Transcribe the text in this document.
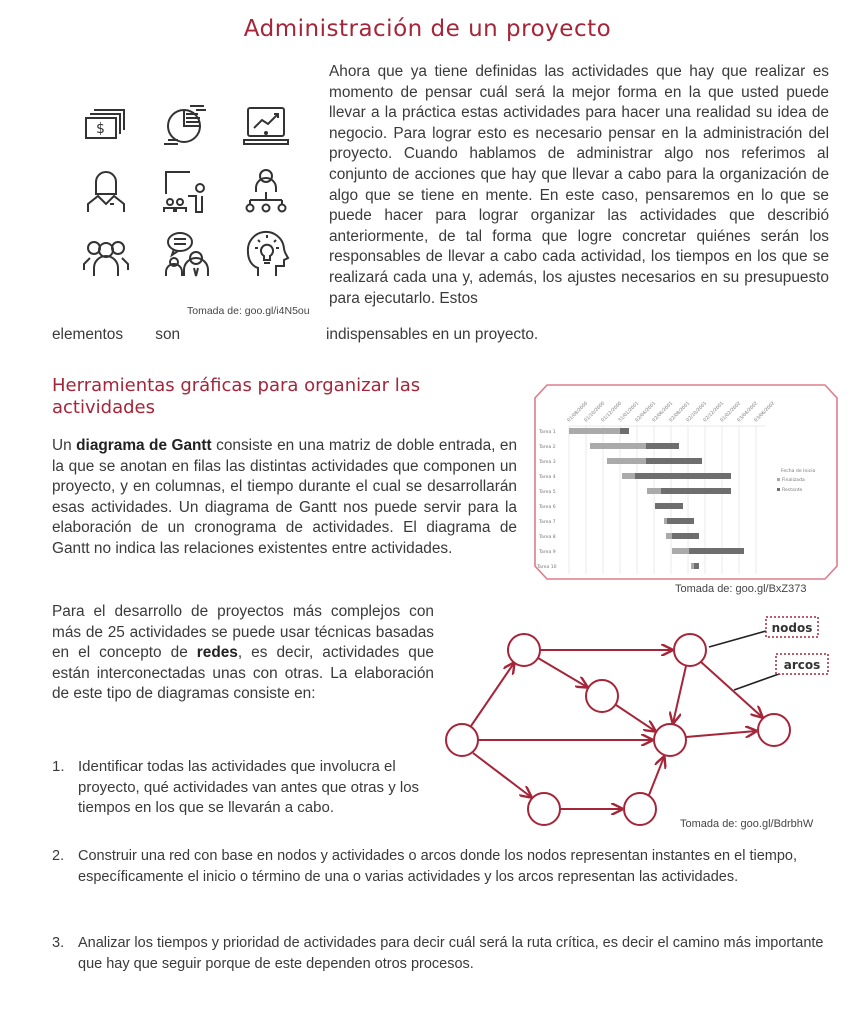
Administración de un proyecto
$
Tomada de: goo.gl/i4N5ou
Ahora que ya tiene definidas las actividades que hay que realizar es momento de pensar cuál será la mejor forma en la que usted puede llevar a la práctica estas actividades para hacer una realidad su idea de negocio. Para lograr esto es necesario pensar en la administración del proyecto. Cuando hablamos de administrar algo nos referimos al conjunto de acciones que hay que llevar a cabo para la organización de algo que se tiene en mente. En este caso, pensaremos en lo que se puede hacer para lograr organizar las actividades que describió anteriormente, de tal forma que logre concretar quiénes serán los responsables de llevar a cabo cada actividad, los tiempos en los que se realizará cada una y, además, los ajustes necesarios en su presupuesto para ejecutarlo. Estos
elementos son	indispensables en un proyecto.
Herramientas gráficas para organizar las actividades
Un diagrama de Gantt consiste en una matriz de doble entrada, en la que se anotan en filas las distintas actividades que componen un proyecto, y en columnas, el tiempo durante el cual se desarrollarán esas actividades. Un diagrama de Gantt nos puede servir para la elaboración de un cronograma de actividades. El diagrama de Gantt no indica las relaciones existentes entre actividades.
01/08/2000
01/10/2000
01/12/2000
31/01/2001
02/04/2001
02/06/2001
02/08/2001
02/10/2001
02/12/2001
01/02/2002
03/04/2002
03/06/2002
Tarea 1
Tarea 2
Tarea 3
Tarea 4
Tarea 5
Tarea 6
Tarea 7
Tarea 8
Tarea 9
Tarea 10
Fecha de Inicio
Finalizada
Restante
Tomada de: goo.gl/BxZ373
Para el desarrollo de proyectos más complejos con más de 25 actividades se puede usar técnicas basadas en el concepto de redes, es decir, actividades que están interconectadas unas con otras. La elaboración de este tipo de diagramas consiste en:
nodos
arcos
Tomada de: goo.gl/BdrbhW
1. Identificar todas las actividades que involucra el proyecto, qué actividades van antes que otras y los tiempos en los que se llevarán a cabo.
2. Construir una red con base en nodos y actividades o arcos donde los nodos representan instantes en el tiempo, específicamente el inicio o término de una o varias actividades y los arcos representan las actividades.
3. Analizar los tiempos y prioridad de actividades para decir cuál será la ruta crítica, es decir el camino más importante que hay que seguir porque de este dependen otros procesos.
